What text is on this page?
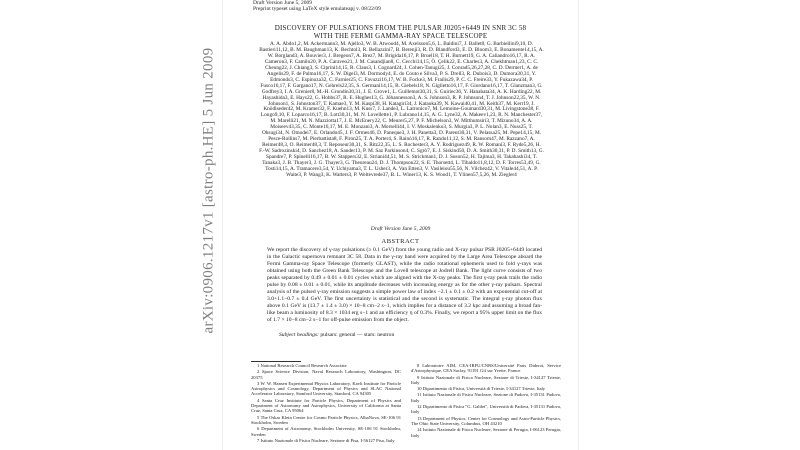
arXiv:0906.1217v1 [astro-ph.HE] 5 Jun 2009
Draft Version June 5, 2009
Preprint typeset using LaTeX style emulateapj v. 08/22/09
DISCOVERY OF PULSATIONS FROM THE PULSAR J0205+6449 IN SNR 3C 58
WITH THE FERMI GAMMA-RAY SPACE TELESCOPE
A. A. Abdo1,2, M. Ackermann3, M. Ajello3, W. B. Atwood4, M. Axelsson5,6, L. Baldini7, J. Ballet8, G. Barbiellini9,10, D. Bastieri11,12, B. M. Baughman13, K. Bechtol3, R. Bellazzini7, B. Berenji3, R. D. Blandford3, E. D. Bloom3, E. Bonamente14,15, A. W. Borgland3, A. Bouvier3, J. Bregeon7, A. Brez7, M. Brigida16,17, P. Bruel18, T. H. Burnett19, G. A. Caliandro16,17, R. A. Cameron3, F. Camilo20, P. A. Caraveo21, J. M. Casandjian8, C. Cecchi14,15, Ö. Çelik22, E. Charles3, A. Chekhtman1,23, C. C. Cheung22, J. Chiang3, S. Ciprini14,15, R. Claus3, I. Cognard24, J. Cohen-Tanugi25, J. Conrad5,26,27,28, C. D. Dermer1, A. de Angelis29, F. de Palma16,17, S. W. Digel3, M. Dormody4, E. do Couto e Silva3, P. S. Drell3, R. Dubois3, D. Dumora30,31, Y. Edmonds3, C. Espinoza32, C. Farnier25, C. Favuzzi16,17, W. B. Focke3, M. Frailis29, P. C. C. Freire33, Y. Fukazawa34, P. Fusco16,17, F. Gargano17, N. Gehrels22,35, S. Germani14,15, B. Giebels18, N. Giglietto16,17, F. Giordano16,17, T. Glanzman3, G. Godfrey3, I. A. Grenier8, M.-H. Grondin30,31, J. E. Grove1, L. Guillemot30,31, S. Guiriec36, Y. Hanabata34, A. K. Harding22, M. Hayashida3, E. Hays22, G. Hobbs37, R. E. Hughes13, G. Jóhannesson3, A. S. Johnson3, R. P. Johnson4, T. J. Johnson22,35, W. N. Johnson1, S. Johnston37, T. Kamae3, Y. M. Kaspi38, H. Katagiri34, J. Kataoka39, N. Kawai40,41, M. Keith37, M. Kerr19, J. Knödlseder42, M. Kramer32, F. Kuehn13, M. Kuss7, J. Lande3, L. Latronico7, M. Lemoine-Goumard30,31, M. Livingstone38, F. Longo9,10, F. Loparco16,17, B. Lott30,31, M. N. Lovellette1, P. Lubrano14,15, A. G. Lyne32, A. Makeev1,23, R. N. Manchester37, M. Marelli21, M. N. Mazziotta17, J. E. McEnery22, C. Meurer5,27, P. F. Michelson3, W. Mitthumsiri3, T. Mizuno34, A. A. Moiseev43,35, C. Monte16,17, M. E. Monzani3, A. Morselli44, I. V. Moskalenko3, S. Murgia3, P. L. Nolan3, E. Nuss25, T. Ohsugi34, N. Omodei7, E. Orlando45, J. F. Ormes46, D. Paneque3, J. H. Panetta3, D. Parent30,31, V. Pelassa25, M. Pepe14,15, M. Pesce-Rollins7, M. Pierbattista8, F. Piron25, T. A. Porter4, S. Rainò16,17, R. Rando11,12, S. M. Ransom47, M. Razzano7, A. Reimer48,3, O. Reimer48,3, T. Reposeur30,31, S. Ritz22,35, L. S. Rochester3, A. Y. Rodriguez49, R. W. Romani3, F. Ryde5,26, H. F.-W. Sadrozinski4, D. Sanchez18, A. Sander13, P. M. Saz Parkinson4, C. Sgrò7, E. J. Siskind50, D. A. Smith30,31, P. D. Smith13, G. Spandre7, P. Spinelli16,17, B. W. Stappers32, E. Striani44,51, M. S. Strickman1, D. J. Suson52, H. Tajima3, H. Takahashi34, T. Tanaka3, J. B. Thayer3, J. G. Thayer3, G. Theureau24, D. J. Thompson22, S. E. Thorsett4, L. Tibaldo11,8,12, D. F. Torres53,49, G. Tosti14,15, A. Tramacere3,54, Y. Uchiyama3, T. L. Usher3, A. Van Etten3, V. Vasileiou55,56, N. Vilchez42, V. Vitale44,51, A. P. Waite3, P. Wang3, K. Watters3, P. Weltevrede37, B. L. Winer13, K. S. Wood1, T. Ylinen57,5,26, M. Ziegler4
Draft Version June 5, 2009
ABSTRACT
We report the discovery of γ-ray pulsations (≥ 0.1 GeV) from the young radio and X-ray pulsar PSR J0205+6449 located in the Galactic supernova remnant 3C 58. Data in the γ-ray band were acquired by the Large Area Telescope aboard the Fermi Gamma-ray Space Telescope (formerly GLAST), while the radio rotational ephemeris used to fold γ-rays was obtained using both the Green Bank Telescope and the Lovell telescope at Jodrell Bank. The light curve consists of two peaks separated by 0.49 ± 0.01 ± 0.01 cycles which are aligned with the X-ray peaks. The first γ-ray peak trails the radio pulse by 0.08 ± 0.01 ± 0.01, while its amplitude decreases with increasing energy as for the other γ-ray pulsars. Spectral analysis of the pulsed γ-ray emission suggests a simple power law of index −2.1 ± 0.1 ± 0.2 with an exponential cut-off at 3.0+1.1−0.7 ± 0.4 GeV. The first uncertainty is statistical and the second is systematic. The integral γ-ray photon flux above 0.1 GeV is (13.7 ± 1.4 ± 3.0) × 10−8 cm−2 s−1, which implies for a distance of 3.2 kpc and assuming a broad fan-like beam a luminosity of 8.3 × 1034 erg s−1 and an efficiency η of 0.3%. Finally, we report a 95% upper limit on the flux of 1.7 × 10−8 cm−2 s−1 for off-pulse emission from the object.
Subject headings: pulsars: general — stars: neutron

1 National Research Council Research Associate

2 Space Science Division, Naval Research Laboratory, Washington, DC 20375

3 W. W. Hansen Experimental Physics Laboratory, Kavli Institute for Particle Astrophysics and Cosmology, Department of Physics and SLAC National Accelerator Laboratory, Stanford University, Stanford, CA 94305

4 Santa Cruz Institute for Particle Physics, Department of Physics and Department of Astronomy and Astrophysics, University of California at Santa Cruz, Santa Cruz, CA 95064

5 The Oskar Klein Centre for Cosmo Particle Physics, AlbaNova, SE-106 91 Stockholm, Sweden

6 Department of Astronomy, Stockholm University, SE-106 91 Stockholm, Sweden

7 Istituto Nazionale di Fisica Nucleare, Sezione di Pisa, I-56127 Pisa, Italy

8 Laboratoire AIM, CEA-IRFU/CNRS/Université Paris Diderot, Service d'Astrophysique, CEA Saclay, 91191 Gif sur Yvette, France

9 Istituto Nazionale di Fisica Nucleare, Sezione di Trieste, I-34127 Trieste, Italy

10 Dipartimento di Fisica, Università di Trieste, I-34127 Trieste, Italy

11 Istituto Nazionale di Fisica Nucleare, Sezione di Padova, I-35131 Padova, Italy

12 Dipartimento di Fisica "G. Galilei", Università di Padova, I-35131 Padova, Italy

13 Department of Physics, Center for Cosmology and Astro-Particle Physics, The Ohio State University, Columbus, OH 43210

14 Istituto Nazionale di Fisica Nucleare, Sezione di Perugia, I-06123 Perugia, Italy
